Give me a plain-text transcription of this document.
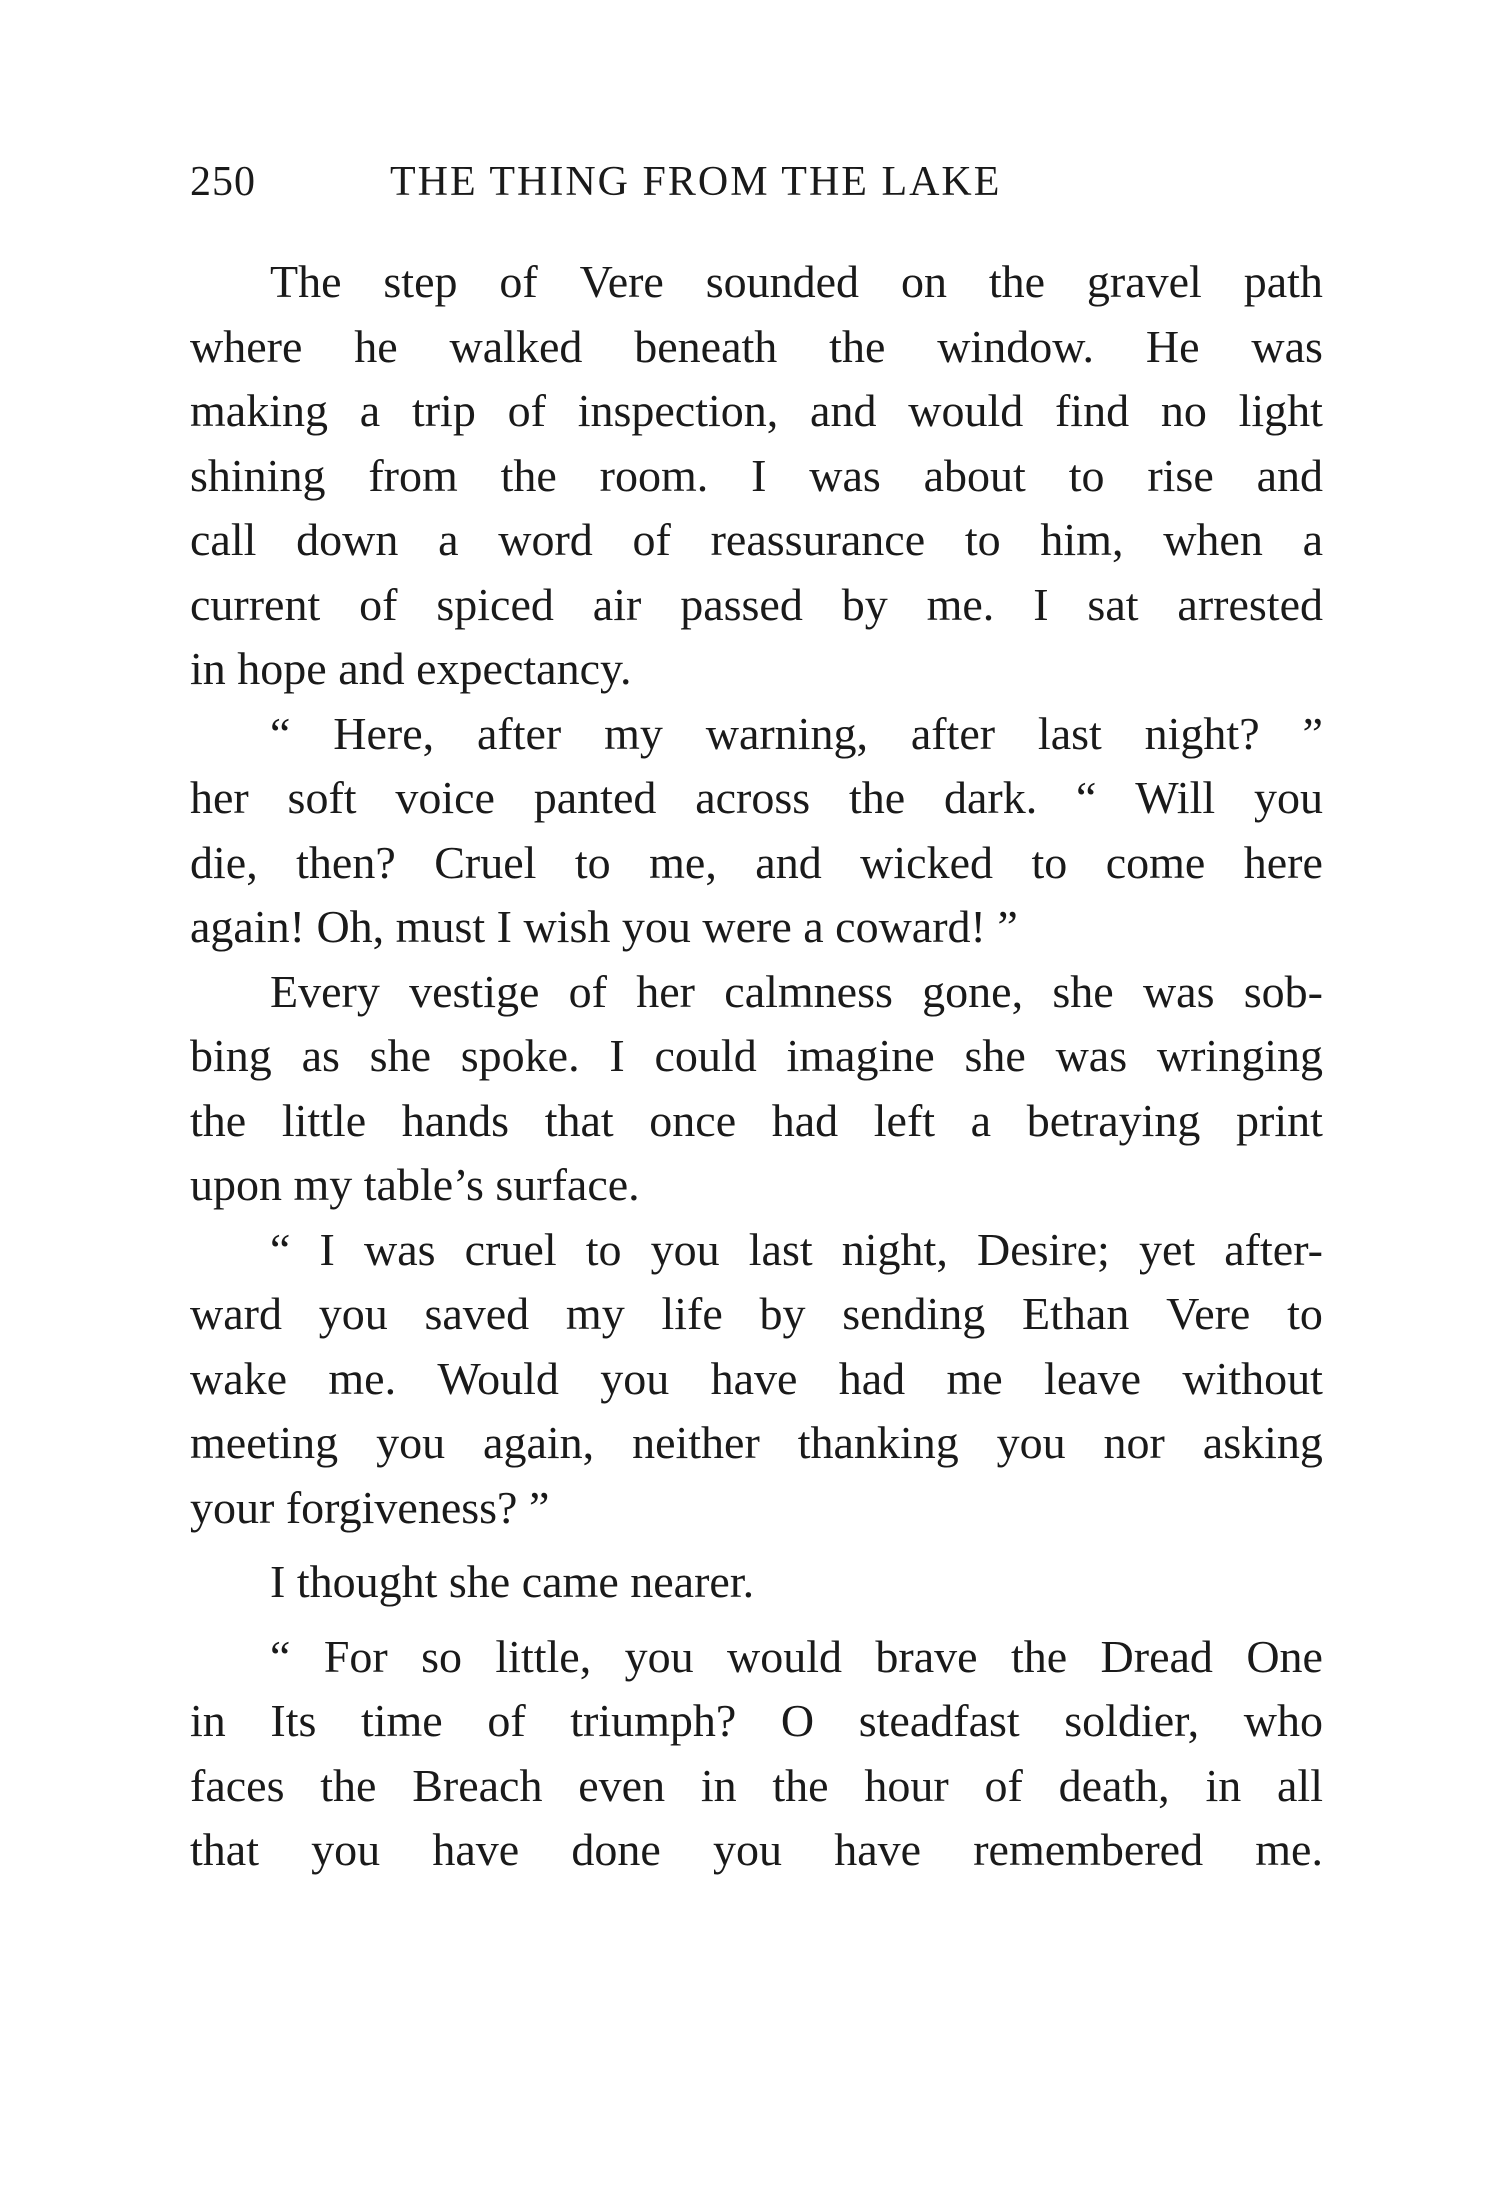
250	THE THING FROM THE LAKE
The step of Vere sounded on the gravel path
where he walked beneath the window. He was
making a trip of inspection, and would find no light
shining from the room. I was about to rise and
call down a word of reassurance to him, when a
current of spiced air passed by me. I sat arrested
in hope and expectancy.
“ Here, after my warning, after last night? ”
her soft voice panted across the dark. “ Will you
die, then? Cruel to me, and wicked to come here
again! Oh, must I wish you were a coward! ”
Every vestige of her calmness gone, she was sob-
bing as she spoke. I could imagine she was wringing
the little hands that once had left a betraying print
upon my table’s surface.
“ I was cruel to you last night, Desire; yet after-
ward you saved my life by sending Ethan Vere to
wake me. Would you have had me leave without
meeting you again, neither thanking you nor asking
your forgiveness? ”
I thought she came nearer.
“ For so little, you would brave the Dread One
in Its time of triumph? O steadfast soldier, who
faces the Breach even in the hour of death, in all
that you have done you have remembered me.
